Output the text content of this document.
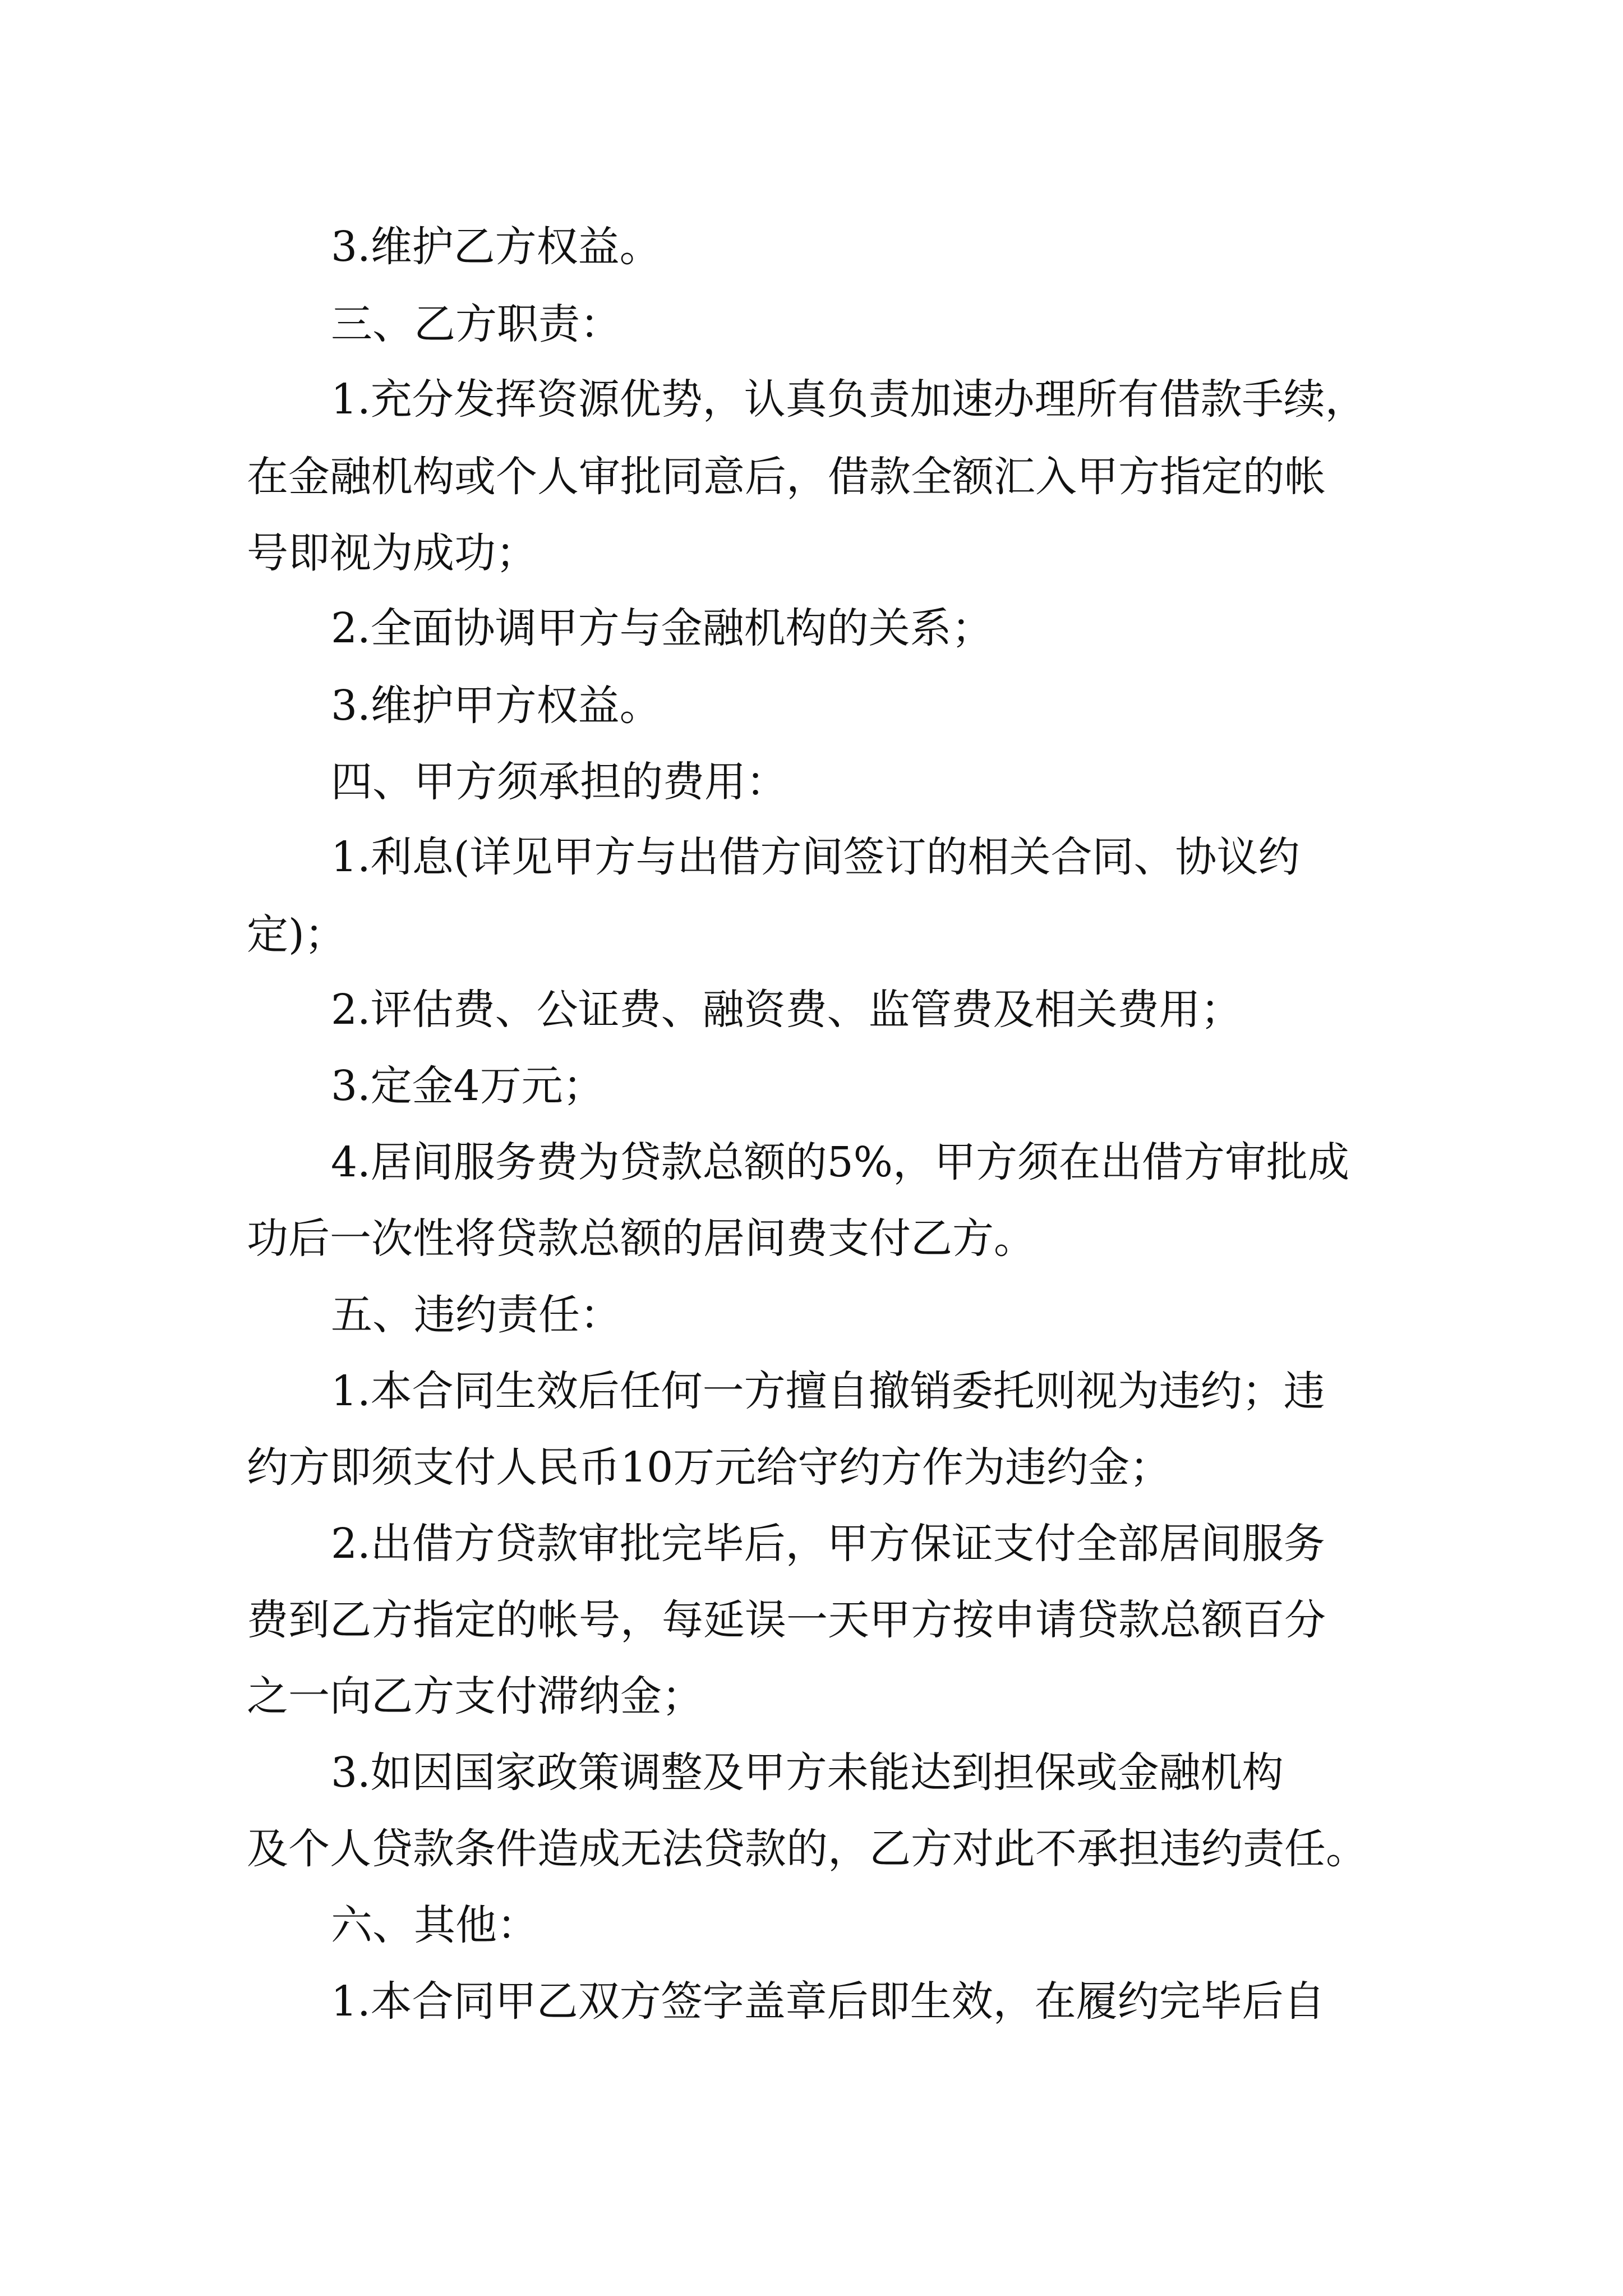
3.维护乙方权益。
三、乙方职责：
1.充分发挥资源优势，认真负责加速办理所有借款手续，
在金融机构或个人审批同意后，借款全额汇入甲方指定的帐
号即视为成功；
2.全面协调甲方与金融机构的关系；
3.维护甲方权益。
四、甲方须承担的费用：
1.利息(详见甲方与出借方间签订的相关合同、协议约
定)；
2.评估费、公证费、融资费、监管费及相关费用；
3.定金4万元；
4.居间服务费为贷款总额的5%，甲方须在出借方审批成
功后一次性将贷款总额的居间费支付乙方。
五、违约责任：
1.本合同生效后任何一方擅自撤销委托则视为违约；违
约方即须支付人民币10万元给守约方作为违约金；
2.出借方贷款审批完毕后，甲方保证支付全部居间服务
费到乙方指定的帐号，每延误一天甲方按申请贷款总额百分
之一向乙方支付滞纳金；
3.如因国家政策调整及甲方未能达到担保或金融机构
及个人贷款条件造成无法贷款的，乙方对此不承担违约责任。
六、其他：
1.本合同甲乙双方签字盖章后即生效，在履约完毕后自
